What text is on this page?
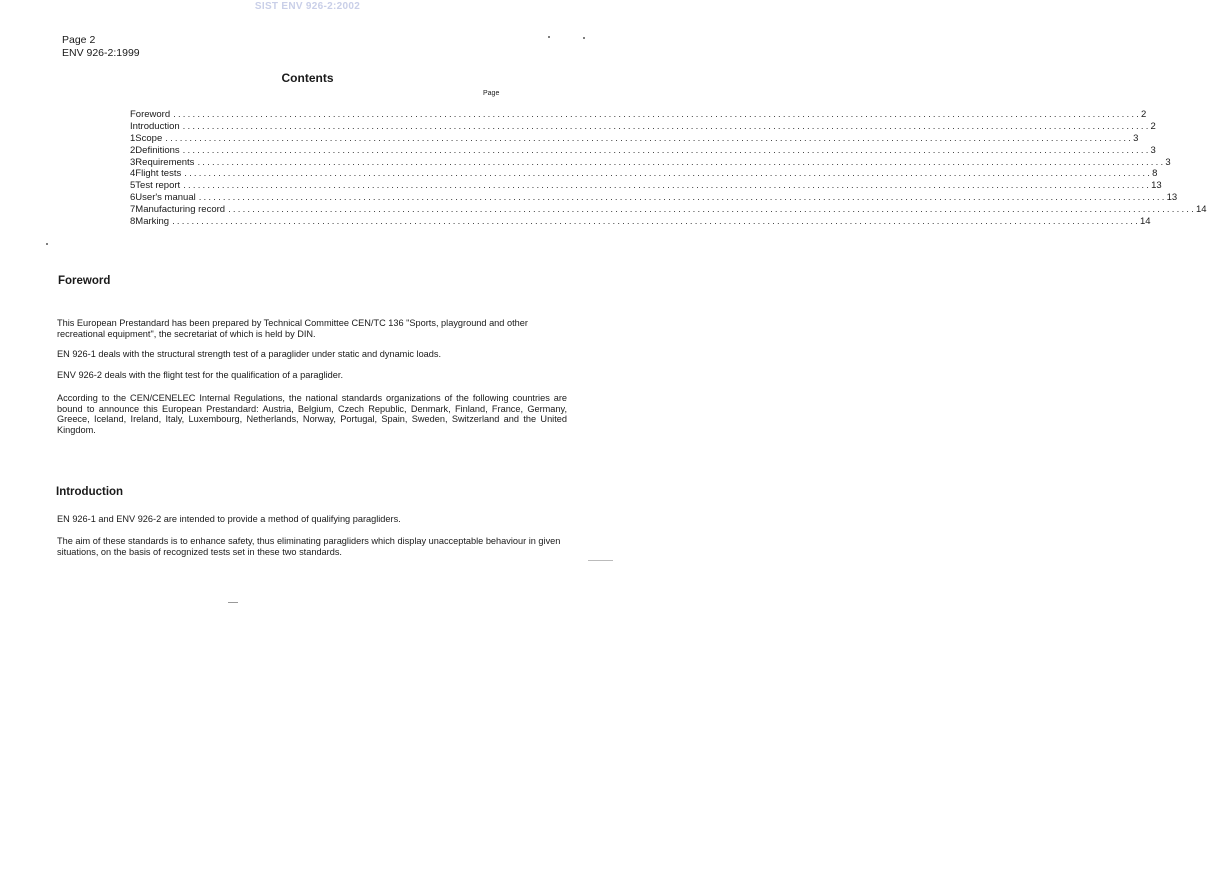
SIST ENV 926-2:2002
Page 2
ENV 926-2:1999
Contents
Page
Foreword ........................................................................................................................................................................................................ 2
Introduction ........................................................................................................................................................................................................ 2
1 Scope ........................................................................................................................................................................................................ 3
2 Definitions ........................................................................................................................................................................................................ 3
3 Requirements ........................................................................................................................................................................................................ 3
4 Flight tests ........................................................................................................................................................................................................ 8
5 Test report ........................................................................................................................................................................................................ 13
6 User's manual ........................................................................................................................................................................................................ 13
7 Manufacturing record ........................................................................................................................................................................................................ 14
8 Marking ........................................................................................................................................................................................................ 14
Foreword

This European Prestandard has been prepared by Technical Committee CEN/TC 136 "Sports, playground and other recreational equipment", the secretariat of which is held by DIN.

EN 926-1 deals with the structural strength test of a paraglider under static and dynamic loads.

ENV 926-2 deals with the flight test for the qualification of a paraglider.

According to the CEN/CENELEC Internal Regulations, the national standards organizations of the following countries are bound to announce this European Prestandard: Austria, Belgium, Czech Republic, Denmark, Finland, France, Germany, Greece, Iceland, Ireland, Italy, Luxembourg, Netherlands, Norway, Portugal, Spain, Sweden, Switzerland and the United Kingdom.

Introduction

EN 926-1 and ENV 926-2 are intended to provide a method of qualifying paragliders.

The aim of these standards is to enhance safety, thus eliminating paragliders which display unacceptable behaviour in given situations, on the basis of recognized tests set in these two standards.
